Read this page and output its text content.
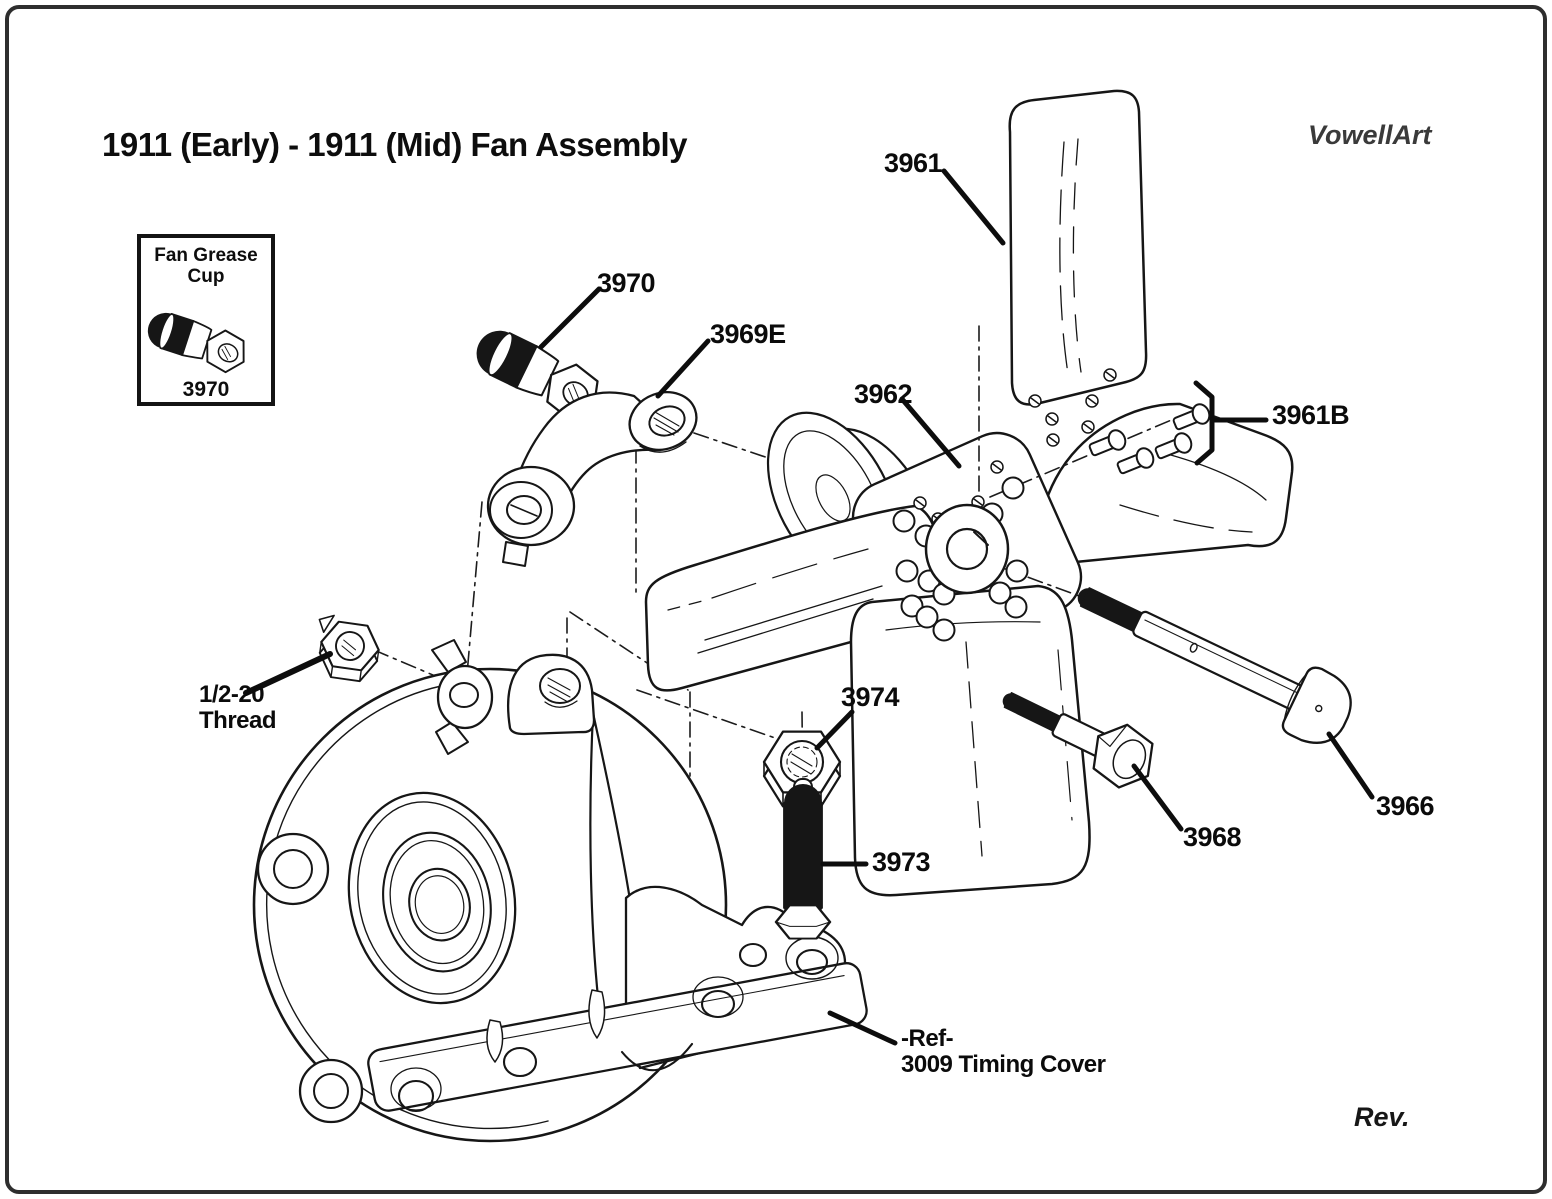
1911 (Early) - 1911 (Mid) Fan Assembly	VowellArt
Rev.
Fan Grease Cup
3970
3961
3970
3969E
3962
3961B
1/2-20
Thread
3974
3973
3968
3966
-Ref-
3009 Timing Cover
